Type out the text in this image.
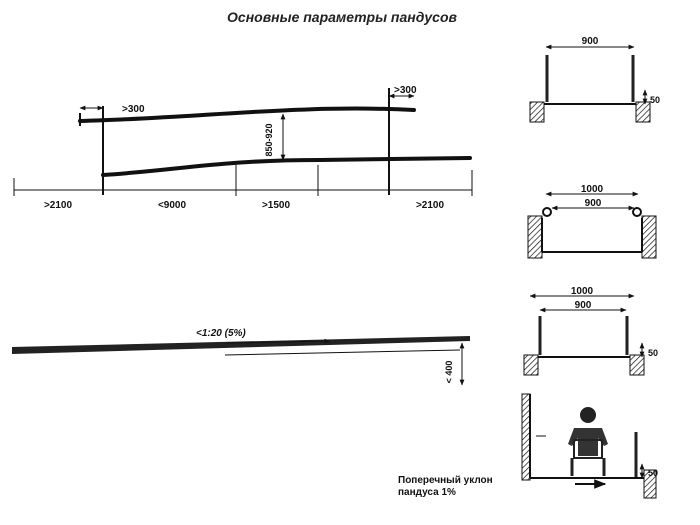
Основные параметры пандусов
850-920
>300
>300
>2100	<9000	>1500	>2100
<1:20 (5%)
< 400
900
50
1000
900
1000
900
50
50
Поперечный уклон
пандуса 1%
